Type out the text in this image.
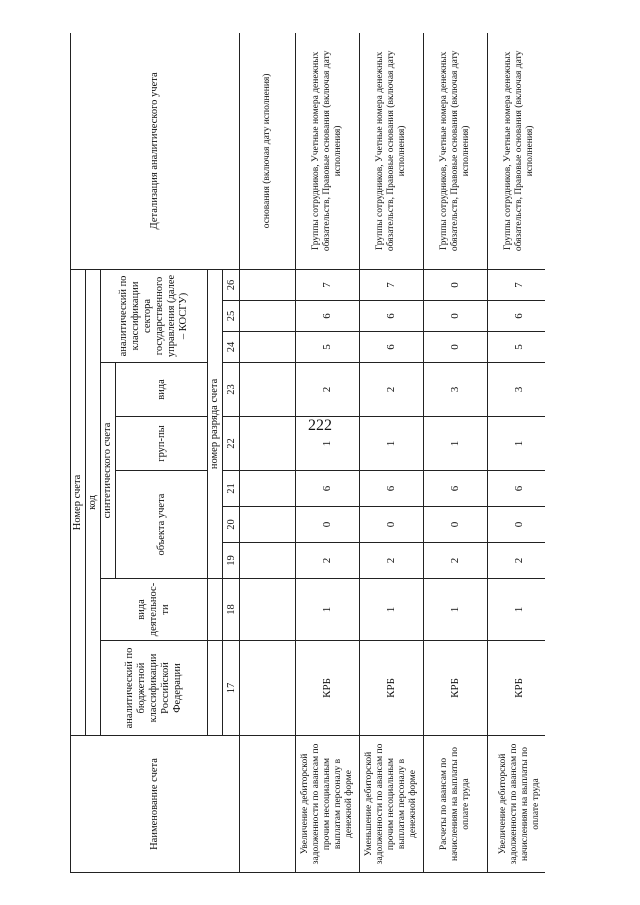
222
Наименование счета	Номер счета										Детализация аналитического учета
	код										
	аналитический по бюджетной классификации Российской Федерации	вида деятельнос-ти	синтетического счета					аналитический по классификации сектора государственного управления (далее – КОСГУ)			
			объекта учета			груп-пы	вида				
			номер разряда счета								
	17	18	19	20	21	22	23	24	25	26	
											основания (включая дату исполнения)
Увеличение дебиторской задолженности по авансам по прочим несоциальным выплатам персоналу в денежной форме	КРБ	1	2	0	6	1	2	5	6	7	Группы сотрудников, Учетные номера денежных обязательств, Правовые основания (включая дату исполнения)
Уменьшение дебиторской задолженности по авансам по прочим несоциальным выплатам персоналу в денежной форме	КРБ	1	2	0	6	1	2	6	6	7	Группы сотрудников, Учетные номера денежных обязательств, Правовые основания (включая дату исполнения)
Расчеты по авансам по начислениям на выплаты по оплате труда	КРБ	1	2	0	6	1	3	0	0	0	Группы сотрудников, Учетные номера денежных обязательств, Правовые основания (включая дату исполнения)
Увеличение дебиторской задолженности по авансам по начислениям на выплаты по оплате труда	КРБ	1	2	0	6	1	3	5	6	7	Группы сотрудников, Учетные номера денежных обязательств, Правовые основания (включая дату исполнения)
